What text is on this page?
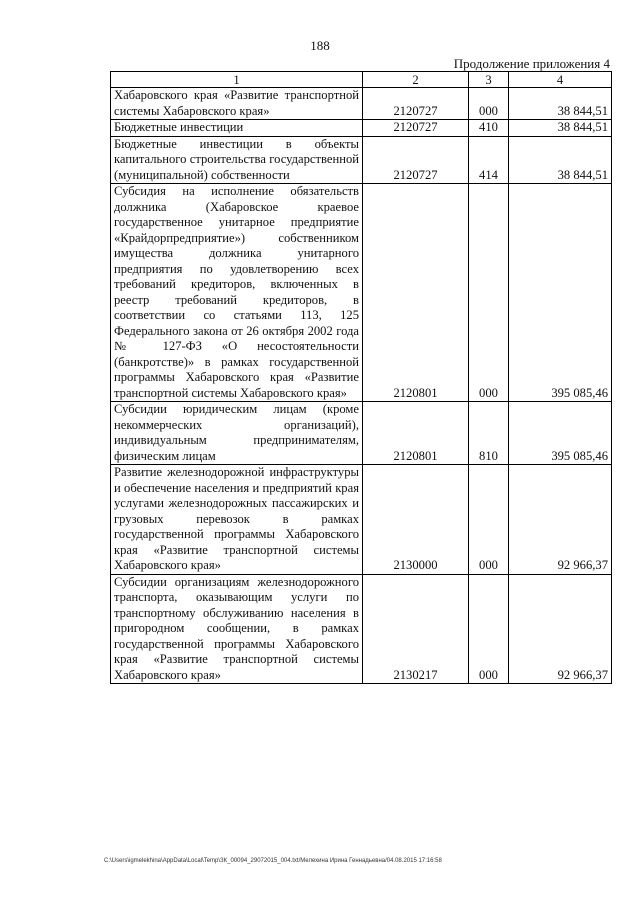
188
Продолжение приложения 4
1	2	3	4
Хабаровского края «Развитие транспортной системы Хабаровского края»	2120727	000	38 844,51
Бюджетные инвестиции	2120727	410	38 844,51
Бюджетные инвестиции в объекты капитального строительства государственной (муниципальной) собственности	2120727	414	38 844,51
Субсидия на исполнение обязательств должника (Хабаровское краевое государственное унитарное предприятие «Крайдорпредприятие») собственником имущества должника унитарного предприятия по удовлетворению всех требований кредиторов, включенных в реестр требований кредиторов, в соответствии со статьями 113, 125 Федерального закона от 26 октября 2002 года № 127-ФЗ «О несостоятельности (банкротстве)» в рамках государственной программы Хабаровского края «Развитие транспортной системы Хабаровского края»	2120801	000	395 085,46
Субсидии юридическим лицам (кроме некоммерческих организаций), индивидуальным предпринимателям, физическим лицам	2120801	810	395 085,46
Развитие железнодорожной инфраструктуры и обеспечение населения и предприятий края услугами железнодорожных пассажирских и грузовых перевозок в рамках государственной программы Хабаровского края «Развитие транспортной системы Хабаровского края»	2130000	000	92 966,37
Субсидии организациям железнодорожного транспорта, оказывающим услуги по транспортному обслуживанию населения в пригородном сообщении, в рамках государственной программы Хабаровского края «Развитие транспортной системы Хабаровского края»	2130217	000	92 966,37
C:\Users\igmelekhina\AppData\Local\Temp\ЗК_00094_29072015_004.txt/Мелехина Ирина Геннадьевна/04.08.2015 17:16:58
